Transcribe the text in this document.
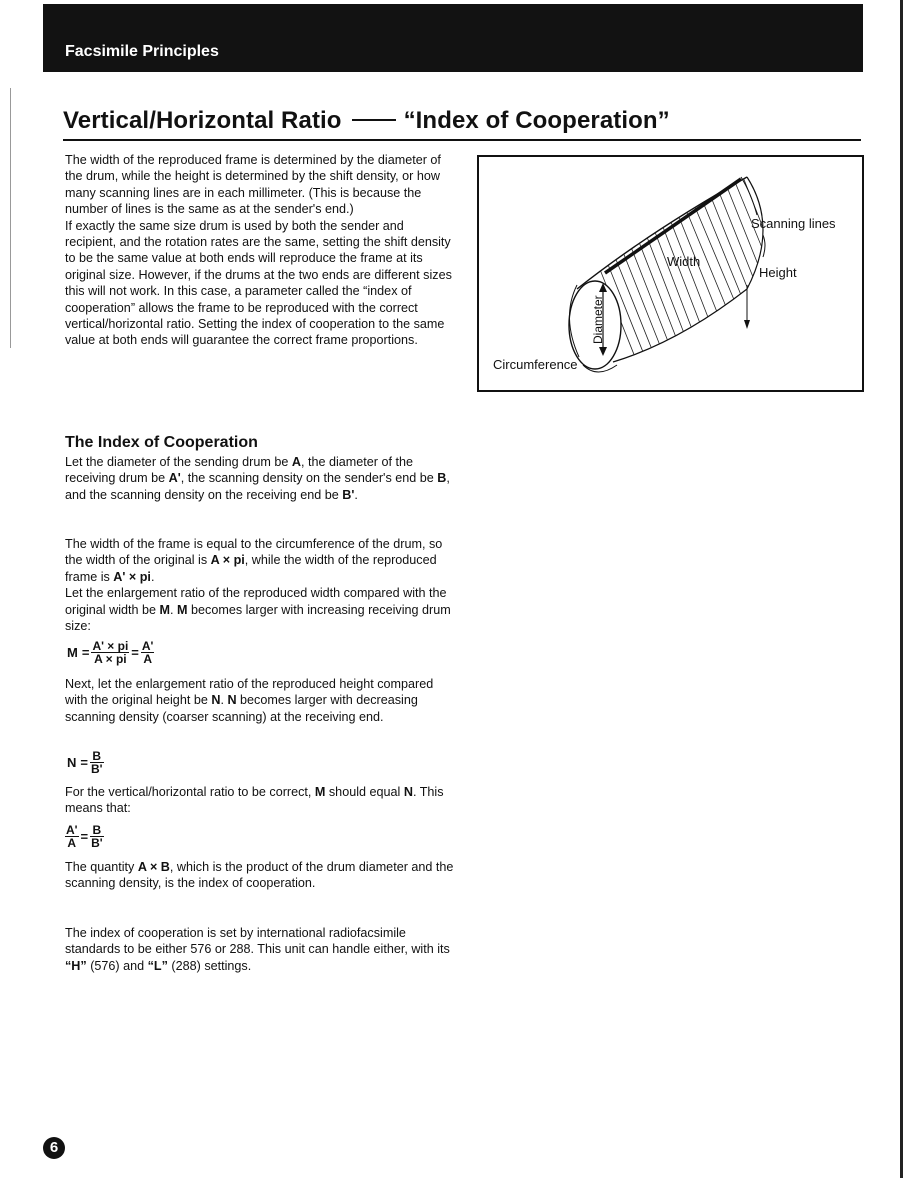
Facsimile Principles
Vertical/Horizontal Ratio	“Index of Cooperation”

The width of the reproduced frame is determined by the diameter of the drum, while the height is determined by the shift density, or how many scanning lines are in each millimeter. (This is because the number of lines is the same as at the sender's end.)

If exactly the same size drum is used by both the sender and recipient, and the rotation rates are the same, setting the shift density to be the same value at both ends will reproduce the frame at its original size. However, if the drums at the two ends are different sizes this will not work. In this case, a parameter called the “index of cooperation” allows the frame to be reproduced with the correct vertical/horizontal ratio. Setting the index of cooperation to the same value at both ends will guarantee the correct frame proportions.

Scanning lines
Width
Height
Diameter
Circumference
The Index of Cooperation

Let the diameter of the sending drum be A, the diameter of the receiving drum be A', the scanning density on the sender's end be B, and the scanning density on the receiving end be B'.

The width of the frame is equal to the circumference of the drum, so the width of the original is A × pi, while the width of the reproduced frame is A' × pi.

Let the enlargement ratio of the reproduced width compared with the original width be M. M becomes larger with increasing receiving drum size:

$M = \frac{A' \times pi}{A \times pi} = \frac{A'}{A}$

Next, let the enlargement ratio of the reproduced height compared with the original height be N. N becomes larger with decreasing scanning density (coarser scanning) at the receiving end.

$N = \frac{B}{B'}$

For the vertical/horizontal ratio to be correct, M should equal N. This means that:

$\frac{A'}{A} = \frac{B}{B'}$

The quantity A × B, which is the product of the drum diameter and the scanning density, is the index of cooperation.

The index of cooperation is set by international radiofacsimile standards to be either 576 or 288. This unit can handle either, with its “H” (576) and “L” (288) settings.

6
